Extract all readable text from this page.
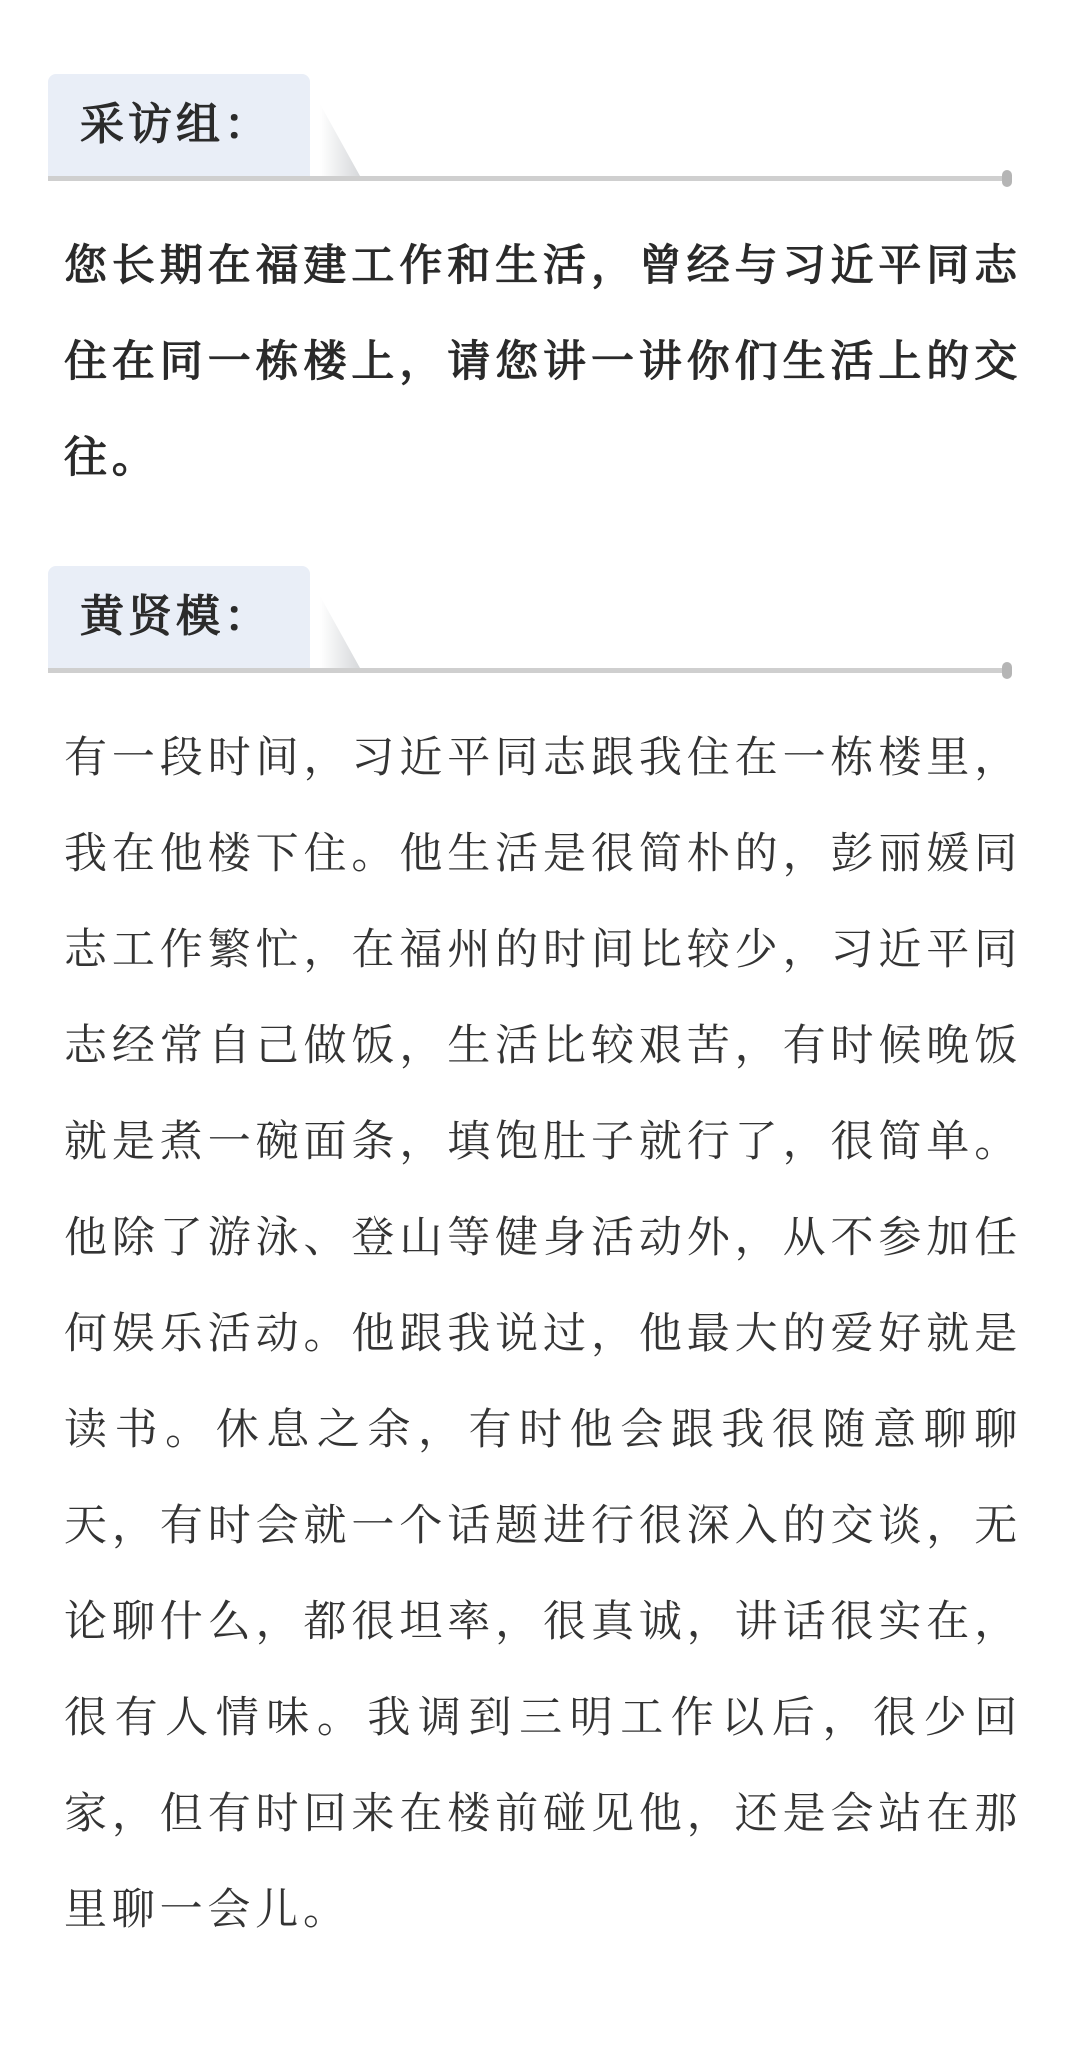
采访组：

您长期在福建工作和生活，曾经与习近平同志住在同一栋楼上，请您讲一讲你们生活上的交往。

黄贤模：

有一段时间，习近平同志跟我住在一栋楼里，我在他楼下住。他生活是很简朴的，彭丽媛同志工作繁忙，在福州的时间比较少，习近平同志经常自己做饭，生活比较艰苦，有时候晚饭就是煮一碗面条，填饱肚子就行了，很简单。他除了游泳、登山等健身活动外，从不参加任何娱乐活动。他跟我说过，他最大的爱好就是读书。休息之余，有时他会跟我很随意聊聊天，有时会就一个话题进行很深入的交谈，无论聊什么，都很坦率，很真诚，讲话很实在，很有人情味。我调到三明工作以后，很少回家，但有时回来在楼前碰见他，还是会站在那里聊一会儿。
